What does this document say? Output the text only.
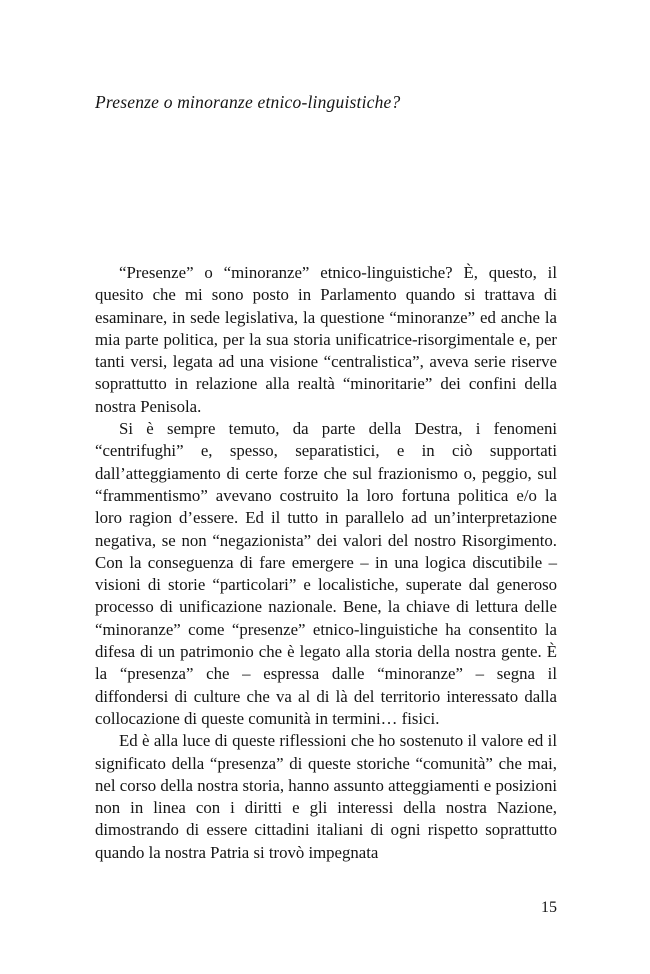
Presenze o minoranze etnico-linguistiche?

“Presenze” o “minoranze” etnico-linguistiche? È, questo, il quesito che mi sono posto in Parlamento quando si trattava di esaminare, in sede legislativa, la questione “minoranze” ed anche la mia parte politica, per la sua storia unificatrice-risorgimentale e, per tanti versi, legata ad una visione “centralistica”, aveva serie riserve soprattutto in relazione alla realtà “minoritarie” dei confini della nostra Penisola.

Si è sempre temuto, da parte della Destra, i fenomeni “centrifughi” e, spesso, separatistici, e in ciò supportati dall’atteggiamento di certe forze che sul frazionismo o, peggio, sul “frammentismo” avevano costruito la loro fortuna politica e/o la loro ragion d’essere. Ed il tutto in parallelo ad un’interpretazione negativa, se non “negazionista” dei valori del nostro Risorgimento. Con la conseguenza di fare emergere – in una logica discutibile – visioni di storie “particolari” e localistiche, superate dal generoso processo di unificazione nazionale. Bene, la chiave di lettura delle “minoranze” come “presenze” etnico-linguistiche ha consentito la difesa di un patrimonio che è legato alla storia della nostra gente. È la “presenza” che – espressa dalle “minoranze” – segna il diffondersi di culture che va al di là del territorio interessato dalla collocazione di queste comunità in termini… fisici.

Ed è alla luce di queste riflessioni che ho sostenuto il valore ed il significato della “presenza” di queste storiche “comunità” che mai, nel corso della nostra storia, hanno assunto atteggiamenti e posizioni non in linea con i diritti e gli interessi della nostra Nazione, dimostrando di essere cittadini italiani di ogni rispetto soprattutto quando la nostra Patria si trovò impegnata

15
